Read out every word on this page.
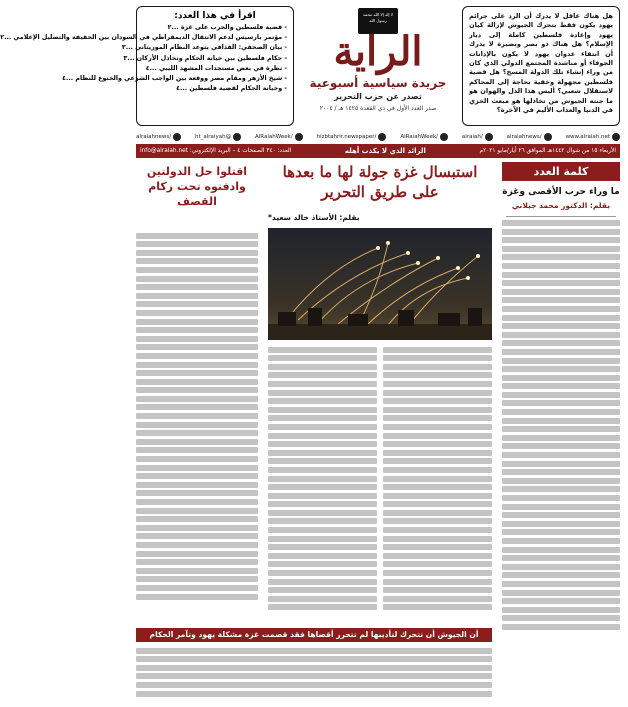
هل هناك عاقل لا يدرك أن الرد على جرائم يهود يكون فقط بتحرك الجيوش لإزالة كيان يهود وإعادة فلسطين كاملة إلى ديار الإسلام؟ هل هناك ذو بصر وبصيرة لا يدرك أن انتفاء عدوان يهود لا يكون بالإدانات الجوفاء أو مناشدة المجتمع الدولي الذي كان من وراء إنشاء تلك الدولة المسخ؟ هل قضية فلسطين مجهولة وخفية بحاجة إلى المحاكم لاستقلال شعبي؟ أليس هذا الذل والهوان هو ما جنته الجيوش من تخاذلها هو مبعث الخزي في الدنيا والعذاب الأليم في الآخرة؟
لا إله إلا الله محمد رسول الله
الراية
جريدة سياسية أسبوعية
تصدر عن حزب التحرير
صدر العدد الأول في ذي القعدة ١٤٢٥ هـ / ٢٠٠٤
اقرأ في هذا العدد:
- قضية فلسطين والحرب على غزة ...٢
- مؤتمر بارسيس لدعم الانتقال الديمقراطي في السودان بين الحقيقة والتضليل الإعلامي ...٢
- بيان الصحفي: القذافي يتوعد النظام الموريتاني ...٣
- حكام فلسطين بين خيانة الحكام وتخاذل الأركان ...٣
- نظرة في بعض مستجدات المشهد الليبي ...٤
- شيخ الأزهر ومقام مصر ووقعة بين الواجب الشرعي والخنوع للنظام ...٤
- وخيانة الحكام لقضية فلسطين ...٤
www.alraiah.net
/alraiahnews
/alraiah
/AlRaiahWeek
/hizbtahrir.newspaper
/AlRaiahWeek
@ht_alraiyah
/alraiahnews
الأربعاء ١٥ من شوال ١٤٤٢هـ الموافق ٢٦ أيار/مايو ٢٠٢١م
الرائد الذي لا يكذب أهله
العدد: ٣٤٠ الصفحات ٤ – البريد الإلكتروني: info@alraiah.net
كلمة العدد
ما وراء حرب الأقصى وغزة
بقلم: الدكتور محمد جيلاني
استبسال غزة جولة لها ما بعدها على طريق التحرير
بقلم: الأستاذ خالد سعيد*
اقتلوا حل الدولتين وادفنوه تحت ركام القصف
أن الجيوش أن تتحرك لتأديبها لم تتحرر أقصاها فقد قصمت غزة مشكلة يهود وتآمر الحكام
